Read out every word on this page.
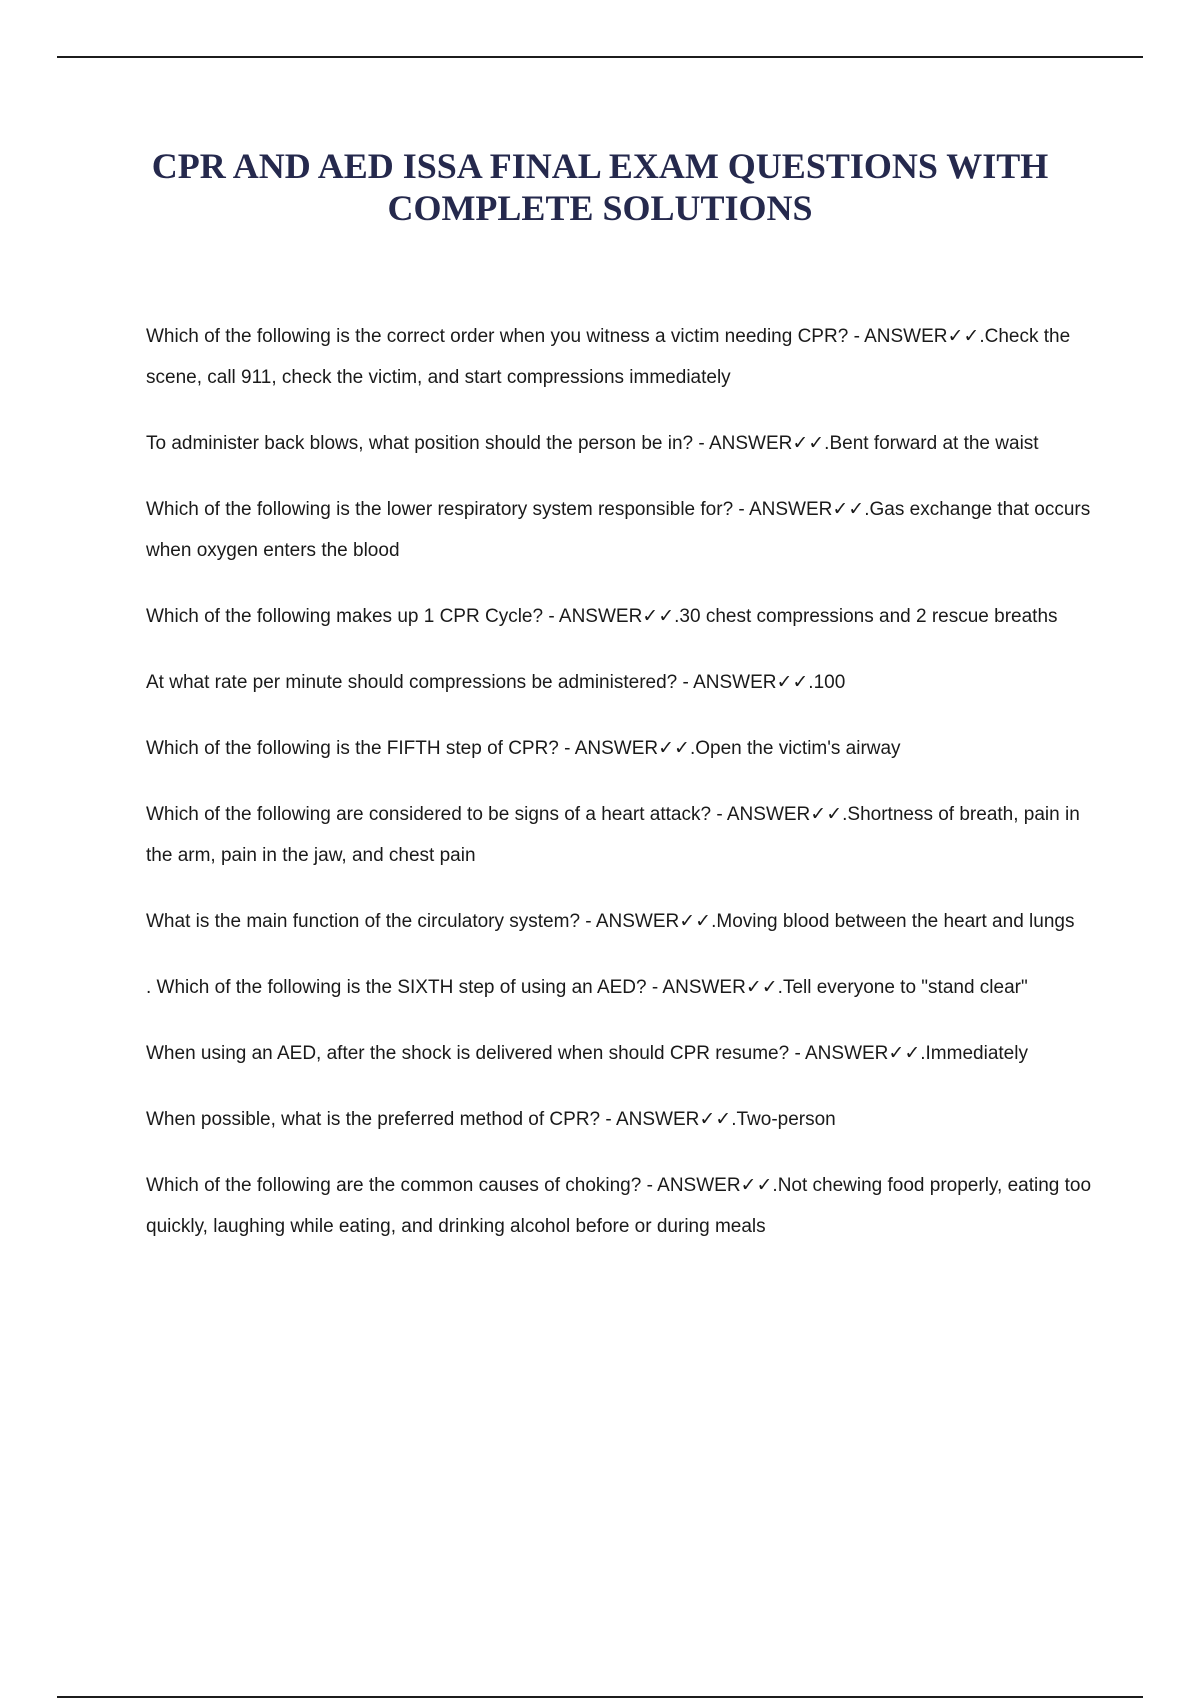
CPR AND AED ISSA FINAL EXAM QUESTIONS WITH COMPLETE SOLUTIONS

Which of the following is the correct order when you witness a victim needing CPR? - ANSWER✓✓.Check the scene, call 911, check the victim, and start compressions immediately

To administer back blows, what position should the person be in? - ANSWER✓✓.Bent forward at the waist

Which of the following is the lower respiratory system responsible for? - ANSWER✓✓.Gas exchange that occurs when oxygen enters the blood

Which of the following makes up 1 CPR Cycle? - ANSWER✓✓.30 chest compressions and 2 rescue breaths

At what rate per minute should compressions be administered? - ANSWER✓✓.100

Which of the following is the FIFTH step of CPR? - ANSWER✓✓.Open the victim's airway

Which of the following are considered to be signs of a heart attack? - ANSWER✓✓.Shortness of breath, pain in the arm, pain in the jaw, and chest pain

What is the main function of the circulatory system? - ANSWER✓✓.Moving blood between the heart and lungs

. Which of the following is the SIXTH step of using an AED? - ANSWER✓✓.Tell everyone to "stand clear"

When using an AED, after the shock is delivered when should CPR resume? - ANSWER✓✓.Immediately

When possible, what is the preferred method of CPR? - ANSWER✓✓.Two-person

Which of the following are the common causes of choking? - ANSWER✓✓.Not chewing food properly, eating too quickly, laughing while eating, and drinking alcohol before or during meals
